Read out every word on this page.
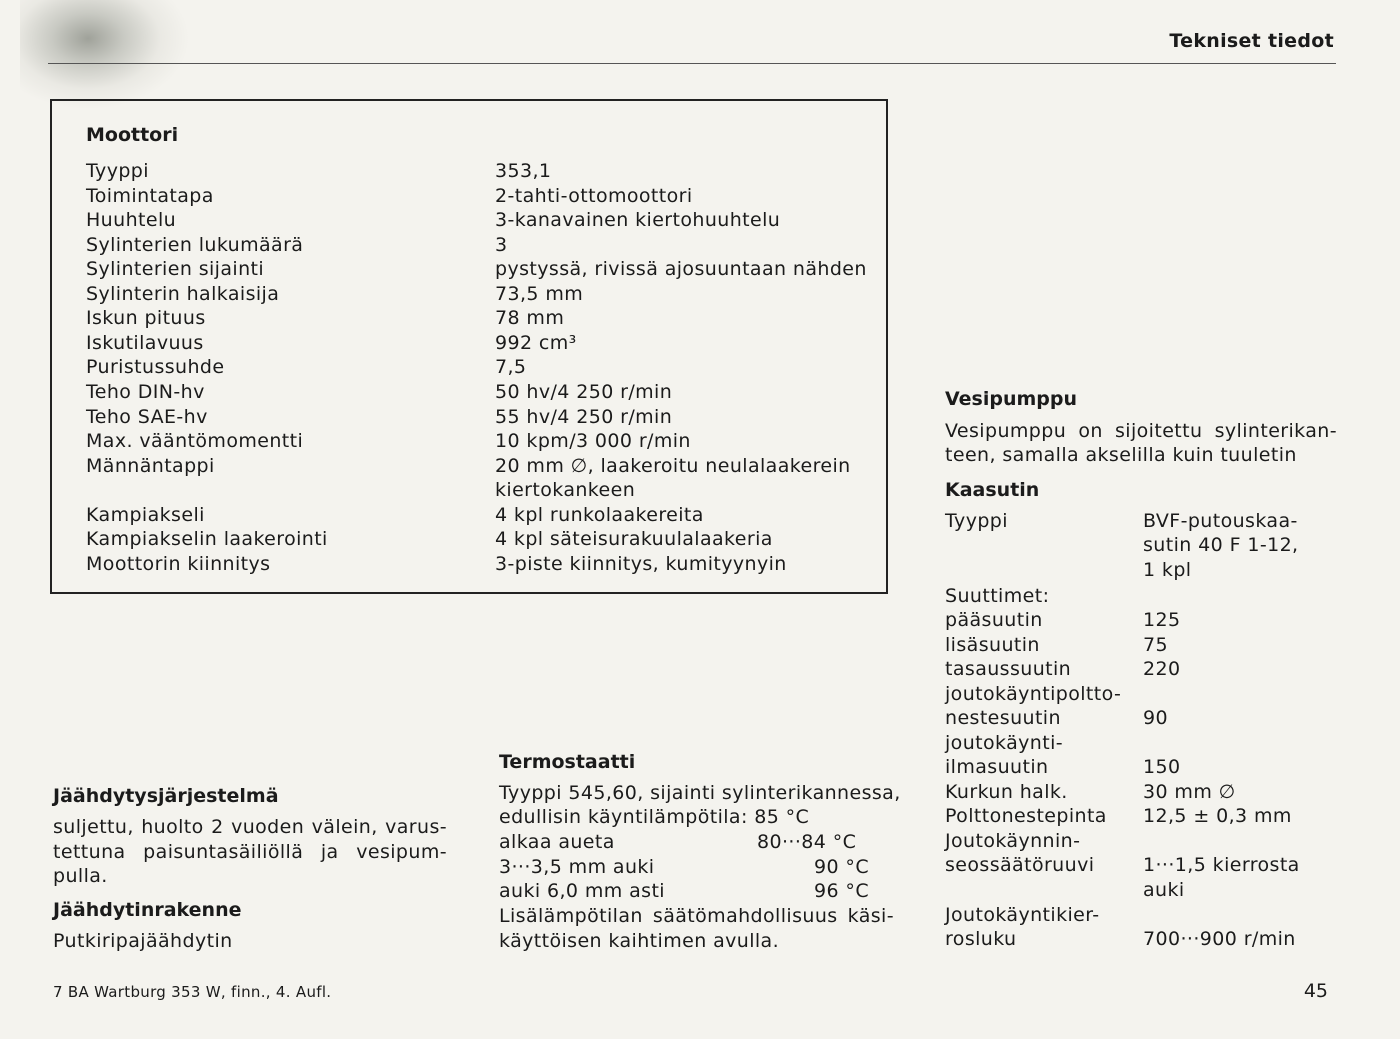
Tekniset tiedot
Moottori
Tyyppi	353,1
Toimintatapa	2-tahti-ottomoottori
Huuhtelu	3-kanavainen kiertohuuhtelu
Sylinterien lukumäärä	3
Sylinterien sijainti	pystyssä, rivissä ajosuuntaan nähden
Sylinterin halkaisija	73,5 mm
Iskun pituus	78 mm
Iskutilavuus	992 cm³
Puristussuhde	7,5
Teho DIN-hv	50 hv/4 250 r/min
Teho SAE-hv	55 hv/4 250 r/min
Max. vääntömomentti	10 kpm/3 000 r/min
Männäntappi	20 mm ∅, laakeroitu neulalaakerein
kiertokankeen
Kampiakseli	4 kpl runkolaakereita
Kampiakselin laakerointi	4 kpl säteisurakuulalaakeria
Moottorin kiinnitys	3-piste kiinnitys, kumityynyin
Jäähdytysjärjestelmä
suljettu, huolto 2 vuoden välein, varus-
tettuna paisuntasäiliöllä ja vesipum-
pulla.
Jäähdytinrakenne
Putkiripajäähdytin
Termostaatti
Tyyppi 545,60, sijainti sylinterikannessa,
edullisin käyntilämpötila: 85 °C
alkaa aueta	80···84 °C
3···3,5 mm auki	90 °C
auki 6,0 mm asti	96 °C
Lisälämpötilan säätömahdollisuus käsi-
käyttöisen kaihtimen avulla.
Vesipumppu
Vesipumppu on sijoitettu sylinterikan-
teen, samalla akselilla kuin tuuletin
Kaasutin
Tyyppi	BVF-putouskaa-
sutin 40 F 1-12,
1 kpl
Suuttimet:
pääsuutin	125
lisäsuutin	75
tasaussuutin	220
joutokäyntipoltto-
nestesuutin	90
joutokäynti-
ilmasuutin	150
Kurkun halk.	30 mm ∅
Polttonestepinta 12,5 ± 0,3 mm
Joutokäynnin-
seossäätöruuvi	1···1,5 kierrosta
auki
Joutokäyntikier-
rosluku	700···900 r/min
7 BA Wartburg 353 W, finn., 4. Aufl.	45
